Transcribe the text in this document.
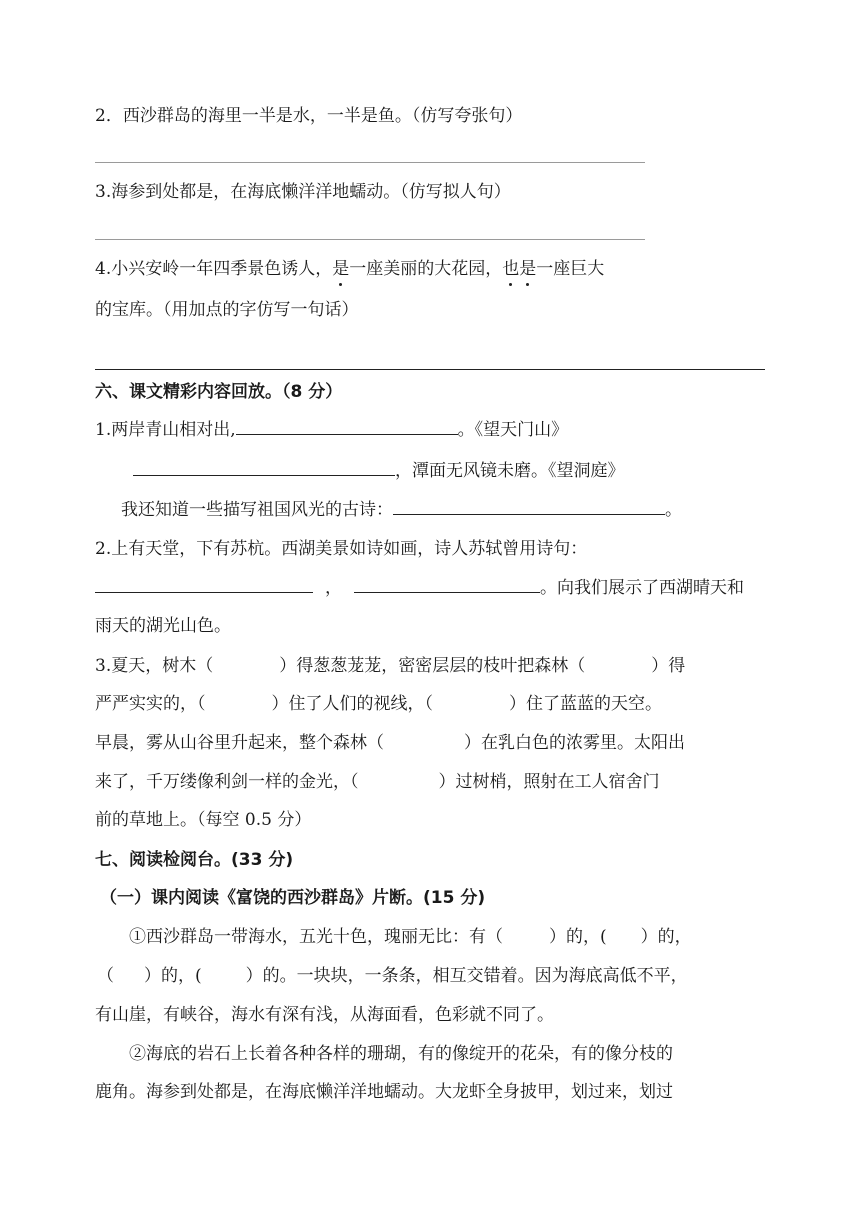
2．西沙群岛的海里一半是水，一半是鱼。（仿写夸张句）
3.海参到处都是，在海底懒洋洋地蠕动。（仿写拟人句）
4.小兴安岭一年四季景色诱人，是一座美丽的大花园，也是一座巨大
的宝库。（用加点的字仿写一句话）
六、课文精彩内容回放。（8 分）
1.两岸青山相对出,	。《望天门山》
，潭面无风镜未磨。《望洞庭》
我还知道一些描写祖国风光的古诗：	。
2.上有天堂，下有苏杭。西湖美景如诗如画，诗人苏轼曾用诗句：
，	。向我们展示了西湖晴天和
雨天的湖光山色。
3.夏天，树木（	）得葱葱茏茏，密密层层的枝叶把森林（	）得
严严实实的，（	）住了人们的视线，（	）住了蓝蓝的天空。
早晨，雾从山谷里升起来，整个森林（	）在乳白色的浓雾里。太阳出
来了，千万缕像利剑一样的金光，（	）过树梢，照射在工人宿舍门
前的草地上。（每空 0.5 分）
七、阅读检阅台。(33 分)
（一）课内阅读《富饶的西沙群岛》片断。(15 分)
①西沙群岛一带海水，五光十色，瑰丽无比：有（	）的，( ）的，
（ ）的，(	）的。一块块，一条条，相互交错着。因为海底高低不平，
有山崖，有峡谷，海水有深有浅，从海面看，色彩就不同了。
②海底的岩石上长着各种各样的珊瑚，有的像绽开的花朵，有的像分枝的
鹿角。海参到处都是，在海底懒洋洋地蠕动。大龙虾全身披甲，划过来，划过
